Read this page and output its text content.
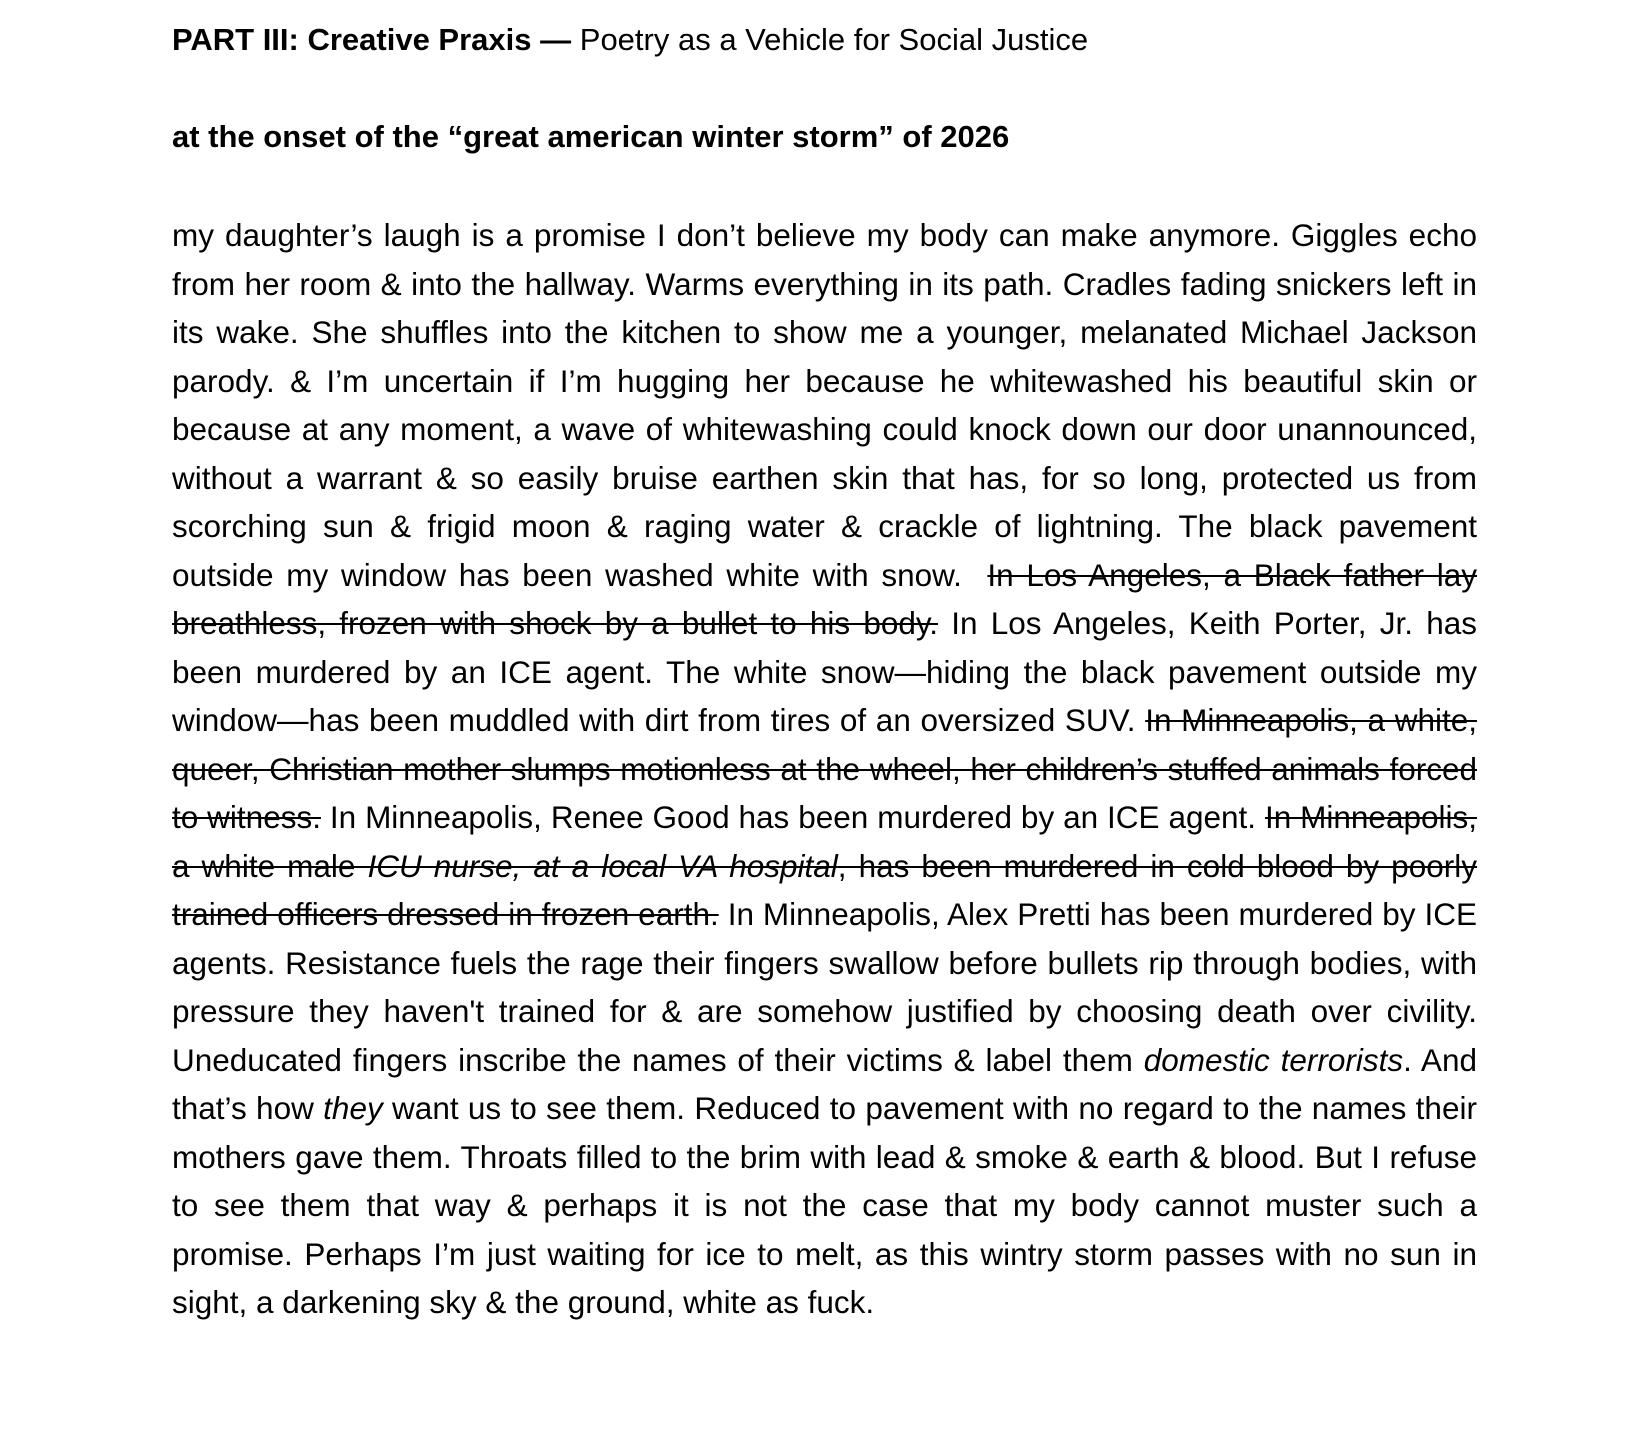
PART III: Creative Praxis — Poetry as a Vehicle for Social Justice
at the onset of the “great american winter storm” of 2026

my daughter’s laugh is a promise I don’t believe my body can make anymore. Giggles echo from her room & into the hallway. Warms everything in its path. Cradles fading snickers left in its wake. She shuffles into the kitchen to show me a younger, melanated Michael Jackson parody. & I’m uncertain if I’m hugging her because he whitewashed his beautiful skin or because at any moment, a wave of whitewashing could knock down our door unannounced, without a warrant & so easily bruise earthen skin that has, for so long, protected us from scorching sun & frigid moon & raging water & crackle of lightning. The black pavement outside my window has been washed white with snow. In Los Angeles, a Black father lay breathless, frozen with shock by a bullet to his body. In Los Angeles, Keith Porter, Jr. has been murdered by an ICE agent. The white snow—hiding the black pavement outside my window—has been muddled with dirt from tires of an oversized SUV. In Minneapolis, a white, queer, Christian mother slumps motionless at the wheel, her children’s stuffed animals forced to witness. In Minneapolis, Renee Good has been murdered by an ICE agent. In Minneapolis, a white male ICU nurse, at a local VA hospital, has been murdered in cold blood by poorly trained officers dressed in frozen earth. In Minneapolis, Alex Pretti has been murdered by ICE agents. Resistance fuels the rage their fingers swallow before bullets rip through bodies, with pressure they haven't trained for & are somehow justified by choosing death over civility. Uneducated fingers inscribe the names of their victims & label them domestic terrorists. And that’s how they want us to see them. Reduced to pavement with no regard to the names their mothers gave them. Throats filled to the brim with lead & smoke & earth & blood. But I refuse to see them that way & perhaps it is not the case that my body cannot muster such a promise. Perhaps I’m just waiting for ice to melt, as this wintry storm passes with no sun in sight, a darkening sky & the ground, white as fuck.
